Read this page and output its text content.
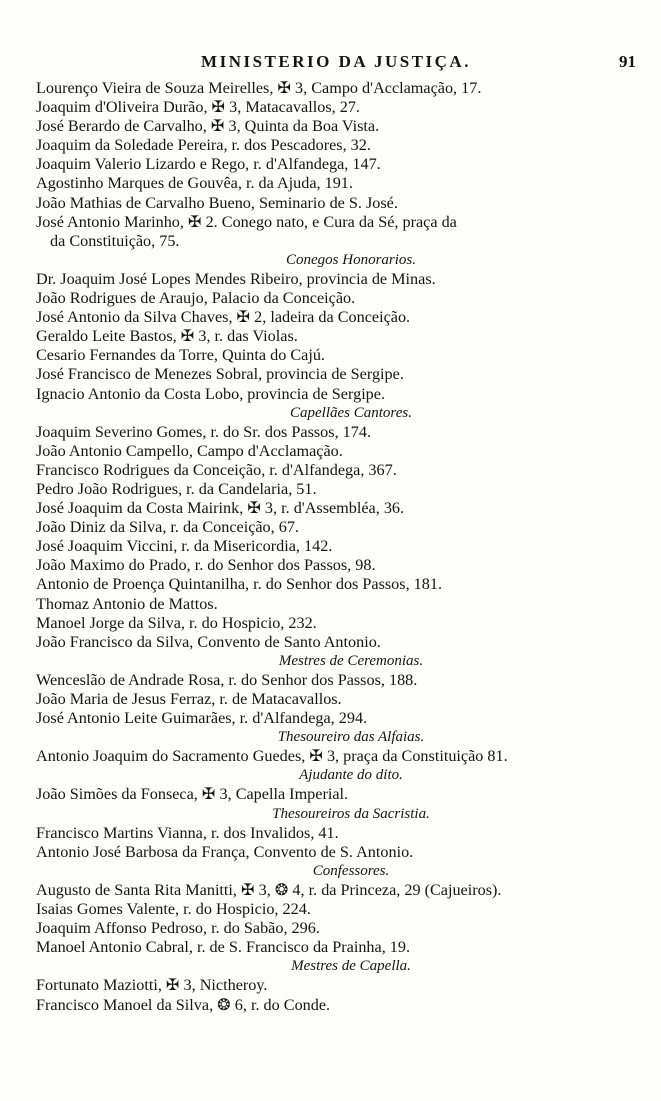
MINISTERIO DA JUSTIÇA.	91
Lourenço Vieira de Souza Meirelles, ✠ 3, Campo d'Acclamação, 17.
Joaquim d'Oliveira Durão, ✠ 3, Matacavallos, 27.
José Berardo de Carvalho, ✠ 3, Quinta da Boa Vista.
Joaquim da Soledade Pereira, r. dos Pescadores, 32.
Joaquim Valerio Lizardo e Rego, r. d'Alfandega, 147.
Agostinho Marques de Gouvêa, r. da Ajuda, 191.
João Mathias de Carvalho Bueno, Seminario de S. José.
José Antonio Marinho, ✠ 2. Conego nato, e Cura da Sé, praça da
da Constituição, 75.
Conegos Honorarios.
Dr. Joaquim José Lopes Mendes Ribeiro, provincia de Minas.
João Rodrigues de Araujo, Palacio da Conceição.
José Antonio da Silva Chaves, ✠ 2, ladeira da Conceição.
Geraldo Leite Bastos, ✠ 3, r. das Violas.
Cesario Fernandes da Torre, Quinta do Cajú.
José Francisco de Menezes Sobral, provincia de Sergipe.
Ignacio Antonio da Costa Lobo, provincia de Sergipe.
Capellães Cantores.
Joaquim Severino Gomes, r. do Sr. dos Passos, 174.
João Antonio Campello, Campo d'Acclamação.
Francisco Rodrigues da Conceição, r. d'Alfandega, 367.
Pedro João Rodrigues, r. da Candelaria, 51.
José Joaquim da Costa Mairink, ✠ 3, r. d'Assembléa, 36.
João Diniz da Silva, r. da Conceição, 67.
José Joaquim Viccini, r. da Misericordia, 142.
João Maximo do Prado, r. do Senhor dos Passos, 98.
Antonio de Proença Quintanilha, r. do Senhor dos Passos, 181.
Thomaz Antonio de Mattos.
Manoel Jorge da Silva, r. do Hospicio, 232.
João Francisco da Silva, Convento de Santo Antonio.
Mestres de Ceremonias.
Wenceslão de Andrade Rosa, r. do Senhor dos Passos, 188.
João Maria de Jesus Ferraz, r. de Matacavallos.
José Antonio Leite Guimarães, r. d'Alfandega, 294.
Thesoureiro das Alfaias.
Antonio Joaquim do Sacramento Guedes, ✠ 3, praça da Constituição 81.
Ajudante do dito.
João Simões da Fonseca, ✠ 3, Capella Imperial.
Thesoureiros da Sacristia.
Francisco Martins Vianna, r. dos Invalidos, 41.
Antonio José Barbosa da França, Convento de S. Antonio.
Confessores.
Augusto de Santa Rita Manitti, ✠ 3, ❂ 4, r. da Princeza, 29 (Cajueiros).
Isaias Gomes Valente, r. do Hospicio, 224.
Joaquim Affonso Pedroso, r. do Sabão, 296.
Manoel Antonio Cabral, r. de S. Francisco da Prainha, 19.
Mestres de Capella.
Fortunato Maziotti, ✠ 3, Nictheroy.
Francisco Manoel da Silva, ❂ 6, r. do Conde.
